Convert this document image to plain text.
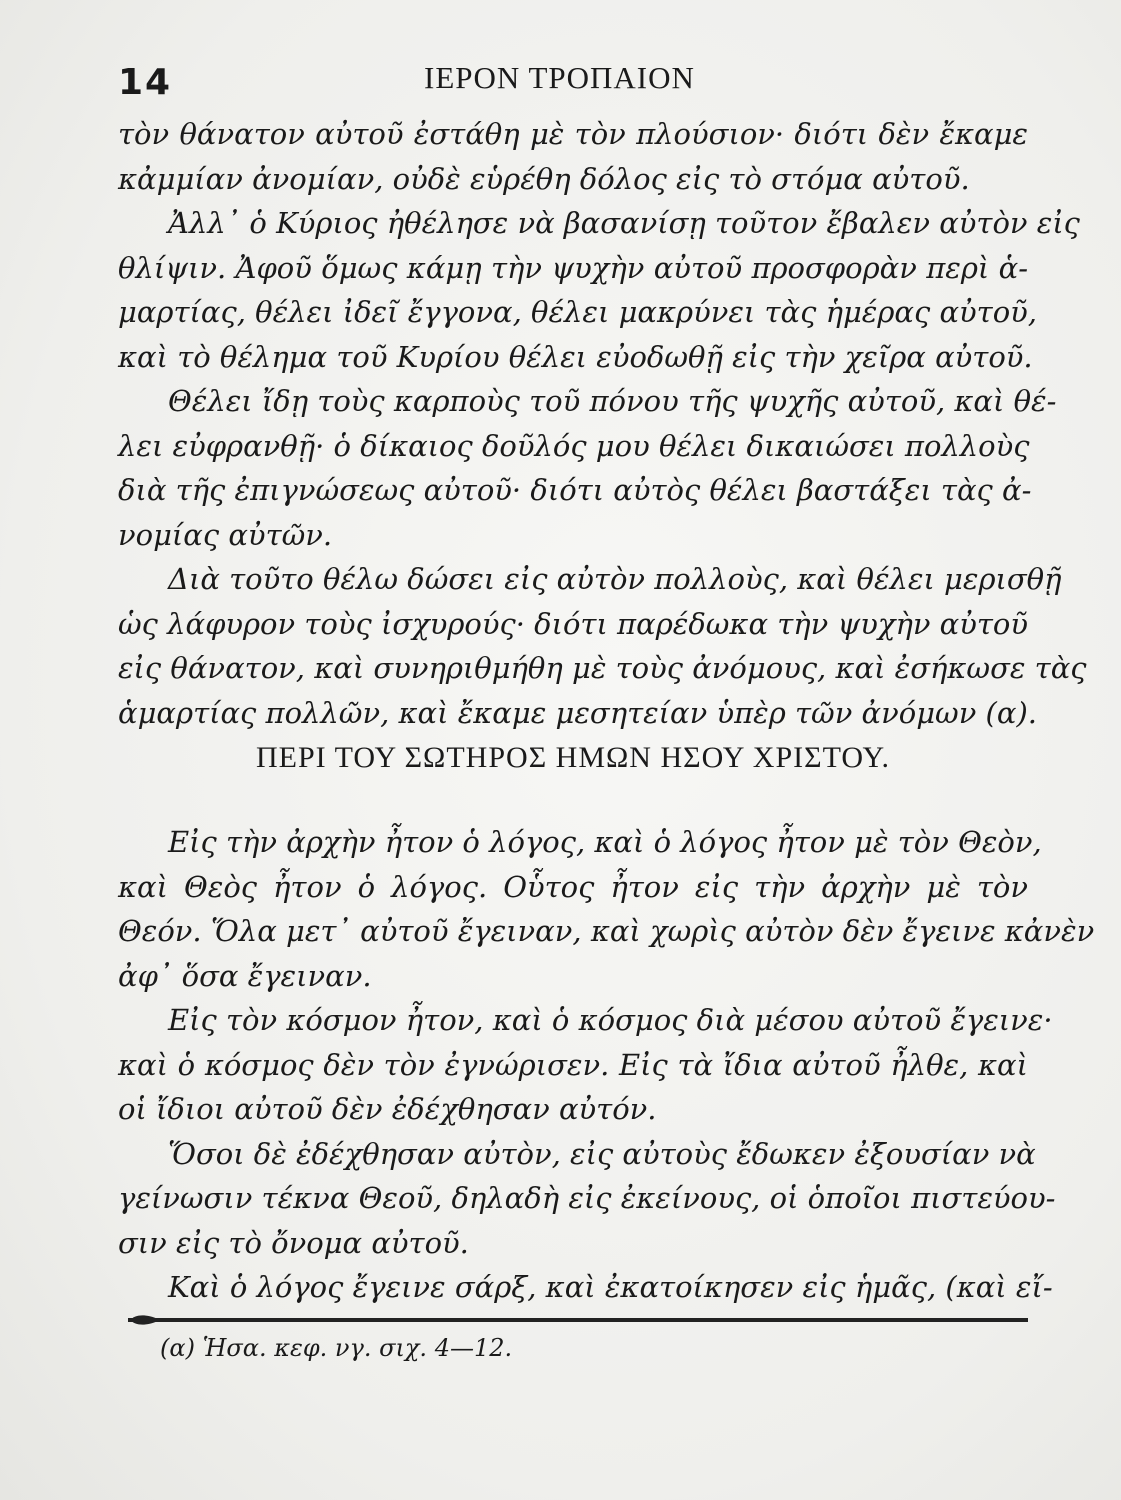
14	ΙΕΡΟΝ ΤΡΟΠΑΙΟΝ
τὸν θάνατον αὐτοῦ ἐστάθη μὲ τὸν πλούσιον· διότι δὲν ἔκαμε
κἀμμίαν ἀνομίαν, οὐδὲ εὑρέθη δόλος εἰς τὸ στόμα αὐτοῦ.
Ἀλλ᾽ ὁ Κύριος ἠθέλησε νὰ βασανίσῃ τοῦτον ἔβαλεν αὐτὸν εἰς
θλίψιν. Ἀφοῦ ὅμως κάμῃ τὴν ψυχὴν αὐτοῦ προσφορὰν περὶ ἁ-
μαρτίας, θέλει ἰδεῖ ἔγγονα, θέλει μακρύνει τὰς ἡμέρας αὐτοῦ,
καὶ τὸ θέλημα τοῦ Κυρίου θέλει εὐοδωθῇ εἰς τὴν χεῖρα αὐτοῦ.
Θέλει ἴδῃ τοὺς καρποὺς τοῦ πόνου τῆς ψυχῆς αὐτοῦ, καὶ θέ-
λει εὐφρανθῇ· ὁ δίκαιος δοῦλός μου θέλει δικαιώσει πολλοὺς
διὰ τῆς ἐπιγνώσεως αὐτοῦ· διότι αὐτὸς θέλει βαστάξει τὰς ἀ-
νομίας αὐτῶν.
Διὰ τοῦτο θέλω δώσει εἰς αὐτὸν πολλοὺς, καὶ θέλει μερισθῇ
ὡς λάφυρον τοὺς ἰσχυρούς· διότι παρέδωκα τὴν ψυχὴν αὐτοῦ
εἰς θάνατον, καὶ συνηριθμήθη μὲ τοὺς ἀνόμους, καὶ ἐσήκωσε τὰς
ἁμαρτίας πολλῶν, καὶ ἔκαμε μεσητείαν ὑπὲρ τῶν ἀνόμων (α).
ΠΕΡΙ ΤΟΥ ΣΩΤΗΡΟΣ ΗΜΩΝ ΗΣΟΥ ΧΡΙΣΤΟΥ.
Εἰς τὴν ἀρχὴν ἦτον ὁ λόγος, καὶ ὁ λόγος ἦτον μὲ τὸν Θεὸν,
καὶ Θεὸς ἦτον ὁ λόγος. Οὗτος ἦτον εἰς τὴν ἀρχὴν μὲ τὸν
Θεόν. Ὅλα μετ᾽ αὐτοῦ ἔγειναν, καὶ χωρὶς αὐτὸν δὲν ἔγεινε κἀνὲν
ἀφ᾽ ὅσα ἔγειναν.
Εἰς τὸν κόσμον ἦτον, καὶ ὁ κόσμος διὰ μέσου αὐτοῦ ἔγεινε·
καὶ ὁ κόσμος δὲν τὸν ἐγνώρισεν. Εἰς τὰ ἴδια αὐτοῦ ἦλθε, καὶ
οἱ ἴδιοι αὐτοῦ δὲν ἐδέχθησαν αὐτόν.
Ὅσοι δὲ ἐδέχθησαν αὐτὸν, εἰς αὐτοὺς ἔδωκεν ἐξουσίαν νὰ
γείνωσιν τέκνα Θεοῦ, δηλαδὴ εἰς ἐκείνους, οἱ ὁποῖοι πιστεύου-
σιν εἰς τὸ ὄνομα αὐτοῦ.
Καὶ ὁ λόγος ἔγεινε σάρξ, καὶ ἐκατοίκησεν εἰς ἡμᾶς, (καὶ εἴ-
(α) Ἡσα. κεφ. νγ. σιχ. 4—12.
